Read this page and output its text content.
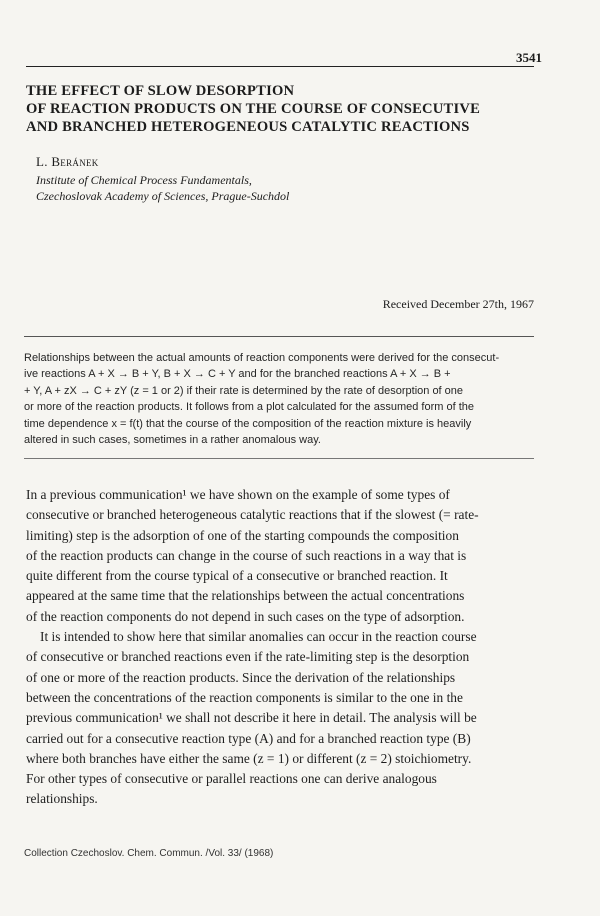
3541
THE EFFECT OF SLOW DESORPTION
OF REACTION PRODUCTS ON THE COURSE OF CONSECUTIVE
AND BRANCHED HETEROGENEOUS CATALYTIC REACTIONS
L. Beránek
Institute of Chemical Process Fundamentals,
Czechoslovak Academy of Sciences, Prague-Suchdol
Received December 27th, 1967
Relationships between the actual amounts of reaction components were derived for the consecut-
ive reactions A + X → B + Y, B + X → C + Y and for the branched reactions A + X → B +
+ Y, A + zX → C + zY (z = 1 or 2) if their rate is determined by the rate of desorption of one
or more of the reaction products. It follows from a plot calculated for the assumed form of the
time dependence x = f(t) that the course of the composition of the reaction mixture is heavily
altered in such cases, sometimes in a rather anomalous way.
In a previous communication¹ we have shown on the example of some types of
consecutive or branched heterogeneous catalytic reactions that if the slowest (= rate-
limiting) step is the adsorption of one of the starting compounds the composition
of the reaction products can change in the course of such reactions in a way that is
quite different from the course typical of a consecutive or branched reaction. It
appeared at the same time that the relationships between the actual concentrations
of the reaction components do not depend in such cases on the type of adsorption.
It is intended to show here that similar anomalies can occur in the reaction course
of consecutive or branched reactions even if the rate-limiting step is the desorption
of one or more of the reaction products. Since the derivation of the relationships
between the concentrations of the reaction components is similar to the one in the
previous communication¹ we shall not describe it here in detail. The analysis will be
carried out for a consecutive reaction type (A) and for a branched reaction type (B)
where both branches have either the same (z = 1) or different (z = 2) stoichiometry.
For other types of consecutive or parallel reactions one can derive analogous
relationships.
Collection Czechoslov. Chem. Commun. /Vol. 33/ (1968)
